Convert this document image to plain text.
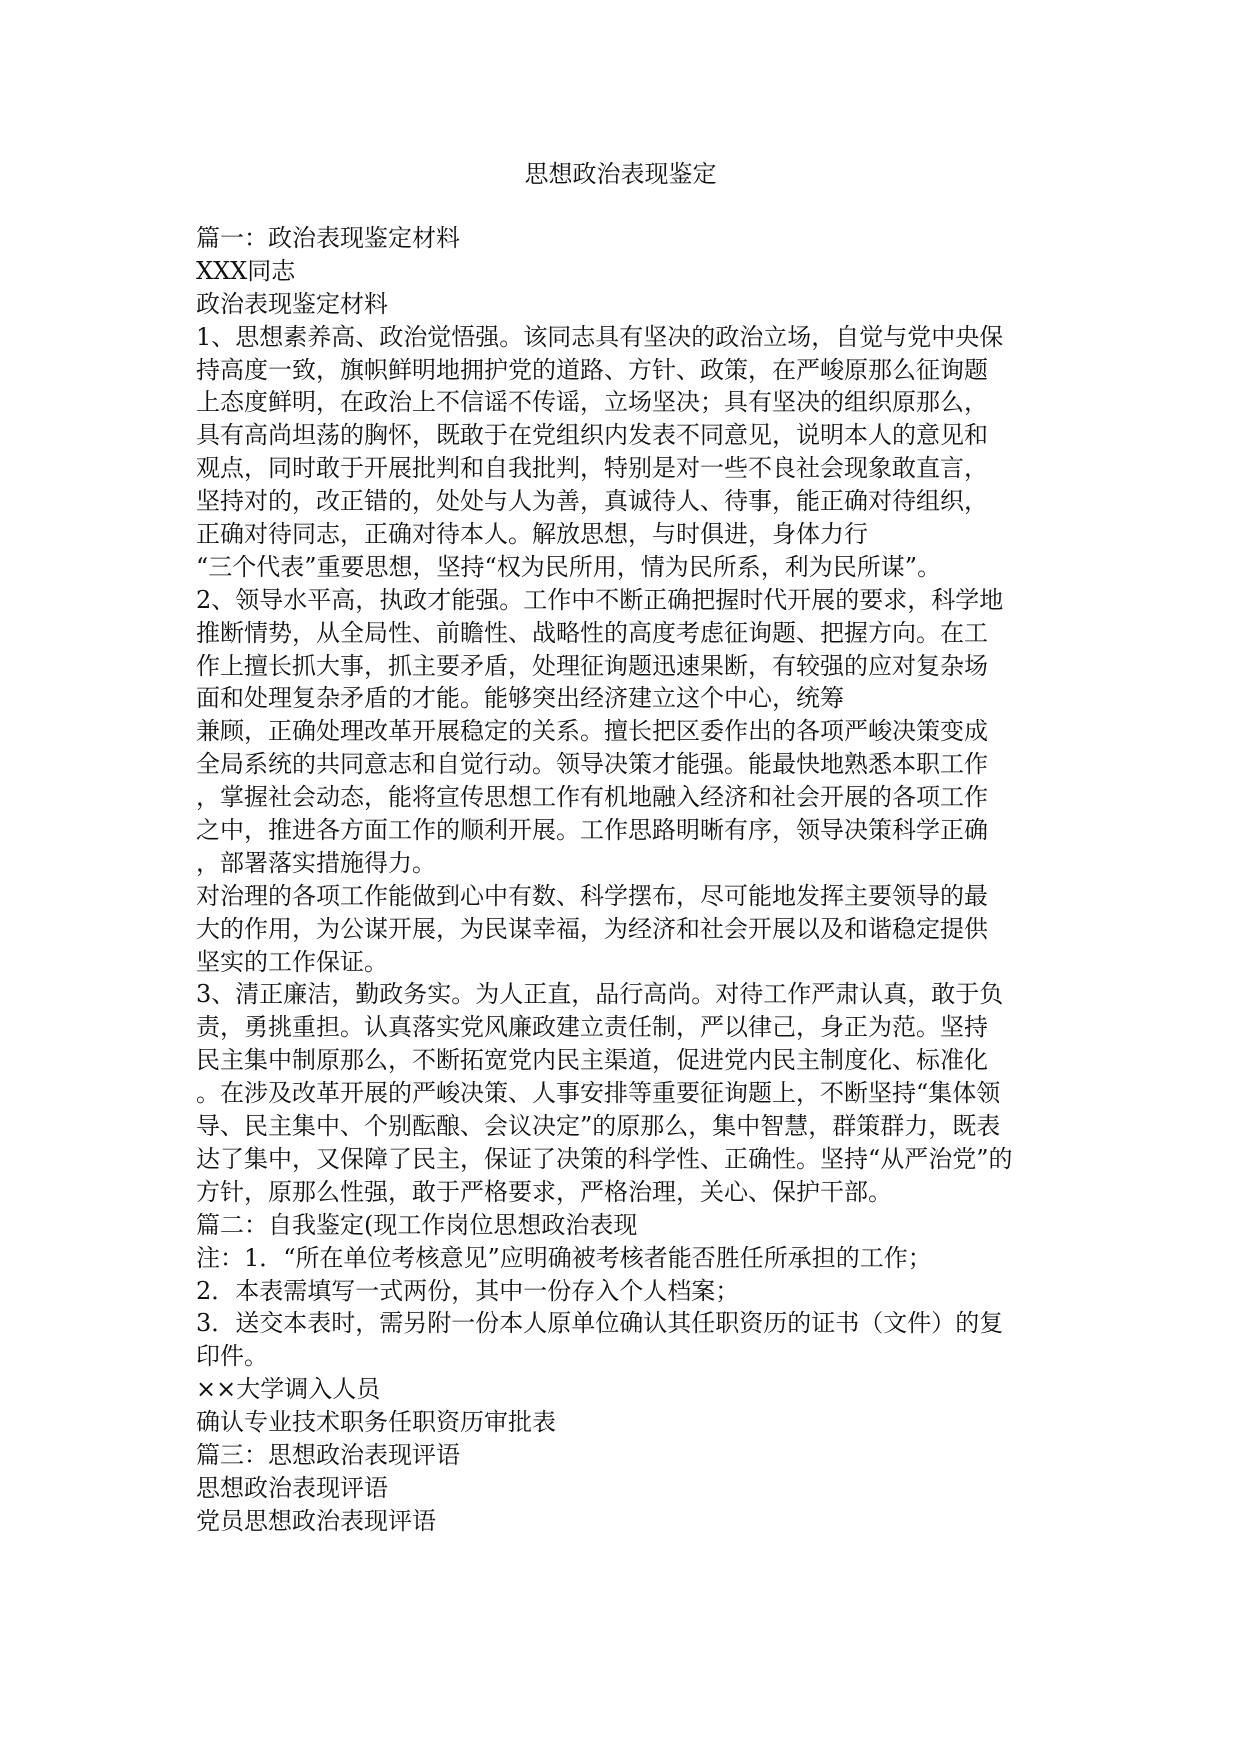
思想政治表现鉴定
篇一：政治表现鉴定材料
XXX同志
政治表现鉴定材料
1、思想素养高、政治觉悟强。该同志具有坚决的政治立场，自觉与党中央保
持高度一致，旗帜鲜明地拥护党的道路、方针、政策，在严峻原那么征询题
上态度鲜明，在政治上不信谣不传谣，立场坚决；具有坚决的组织原那么，
具有高尚坦荡的胸怀，既敢于在党组织内发表不同意见，说明本人的意见和
观点，同时敢于开展批判和自我批判，特别是对一些不良社会现象敢直言，
坚持对的，改正错的，处处与人为善，真诚待人、待事，能正确对待组织，
正确对待同志，正确对待本人。解放思想，与时俱进，身体力行
“三个代表”重要思想，坚持“权为民所用，情为民所系，利为民所谋”。
2、领导水平高，执政才能强。工作中不断正确把握时代开展的要求，科学地
推断情势，从全局性、前瞻性、战略性的高度考虑征询题、把握方向。在工
作上擅长抓大事，抓主要矛盾，处理征询题迅速果断，有较强的应对复杂场
面和处理复杂矛盾的才能。能够突出经济建立这个中心，统筹
兼顾，正确处理改革开展稳定的关系。擅长把区委作出的各项严峻决策变成
全局系统的共同意志和自觉行动。领导决策才能强。能最快地熟悉本职工作
，掌握社会动态，能将宣传思想工作有机地融入经济和社会开展的各项工作
之中，推进各方面工作的顺利开展。工作思路明晰有序，领导决策科学正确
，部署落实措施得力。
对治理的各项工作能做到心中有数、科学摆布，尽可能地发挥主要领导的最
大的作用，为公谋开展，为民谋幸福，为经济和社会开展以及和谐稳定提供
坚实的工作保证。
3、清正廉洁，勤政务实。为人正直，品行高尚。对待工作严肃认真，敢于负
责，勇挑重担。认真落实党风廉政建立责任制，严以律己，身正为范。坚持
民主集中制原那么，不断拓宽党内民主渠道，促进党内民主制度化、标准化
。在涉及改革开展的严峻决策、人事安排等重要征询题上，不断坚持“集体领
导、民主集中、个别酝酿、会议决定”的原那么，集中智慧，群策群力，既表
达了集中，又保障了民主，保证了决策的科学性、正确性。坚持“从严治党”的
方针，原那么性强，敢于严格要求，严格治理，关心、保护干部。
篇二：自我鉴定(现工作岗位思想政治表现
注：1．“所在单位考核意见”应明确被考核者能否胜任所承担的工作；
2．本表需填写一式两份，其中一份存入个人档案；
3．送交本表时，需另附一份本人原单位确认其任职资历的证书（文件）的复
印件。
××大学调入人员
确认专业技术职务任职资历审批表
篇三：思想政治表现评语
思想政治表现评语
党员思想政治表现评语
